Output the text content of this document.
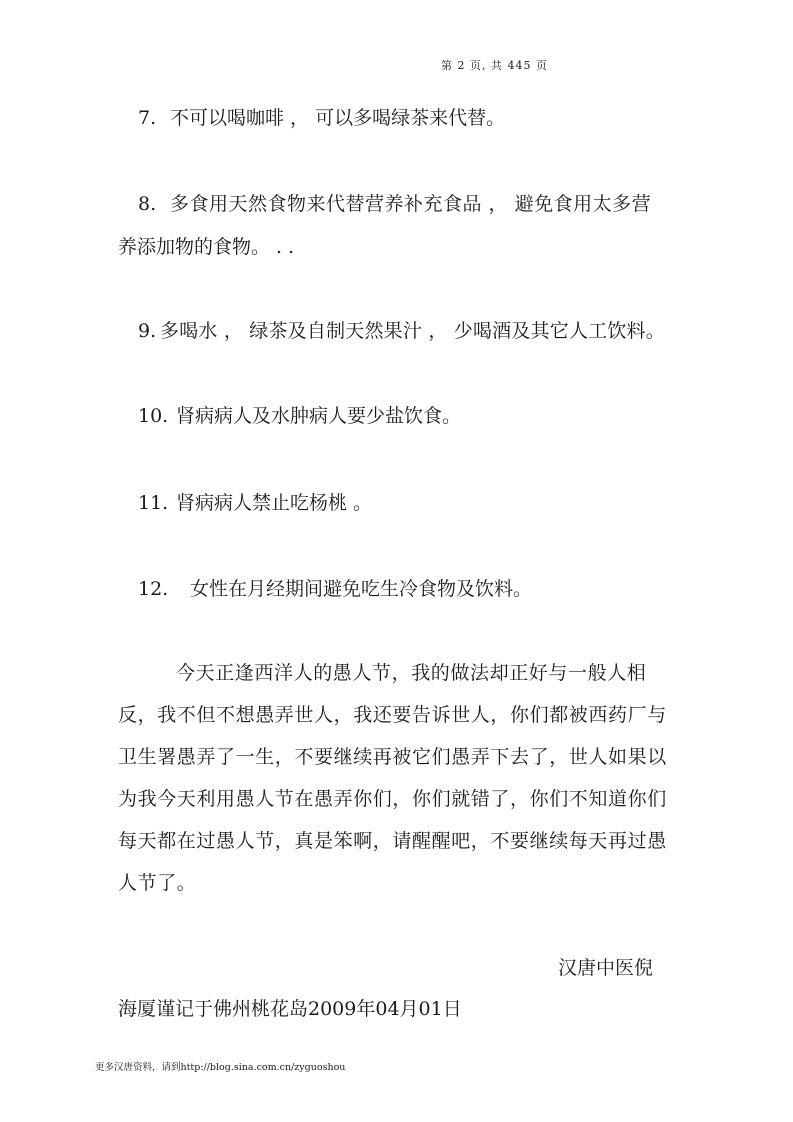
第 2 页, 共 445 页
7. 不可以喝咖啡 ， 可以多喝绿茶来代替。
8. 多食用天然食物来代替营养补充食品 ， 避免食用太多营
养添加物的食物。 . .
9. 多喝水 ， 绿茶及自制天然果汁 ， 少喝酒及其它人工饮料。
10. 肾病病人及水肿病人要少盐饮食。
11. 肾病病人禁止吃杨桃 。
12. 女性在月经期间避免吃生冷食物及饮料。
今天正逢西洋人的愚人节，我的做法却正好与一般人相
反，我不但不想愚弄世人，我还要告诉世人，你们都被西药厂与
卫生署愚弄了一生，不要继续再被它们愚弄下去了，世人如果以
为我今天利用愚人节在愚弄你们，你们就错了，你们不知道你们
每天都在过愚人节，真是笨啊，请醒醒吧，不要继续每天再过愚
人节了。
汉唐中医倪
海厦谨记于佛州桃花岛2009年04月01日
更多汉唐资料，请到http://blog.sina.com.cn/zyguoshou
